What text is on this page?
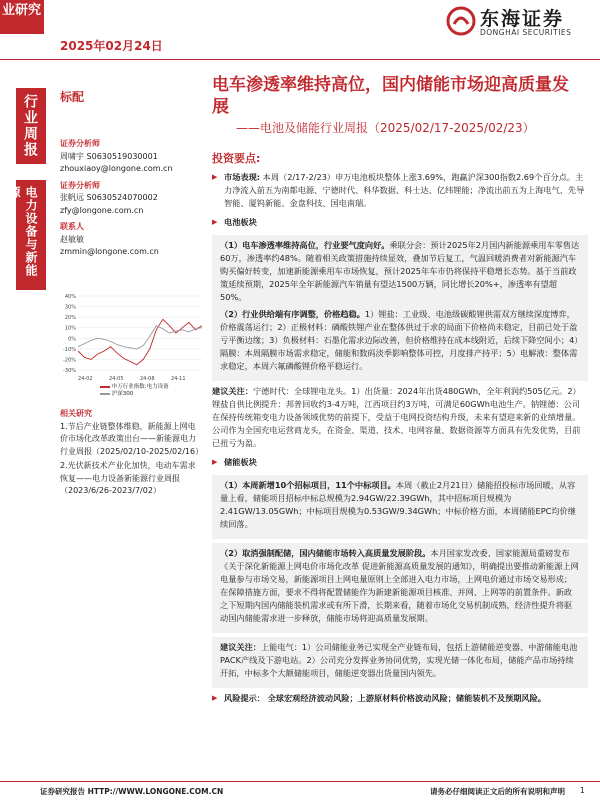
业研究
2025年02月24日
东海证券
DONGHAI SECURITIES
行业周报
电力设备与新能源
标配
电车渗透率维持高位，国内储能市场迎高质量发展
——电池及储能行业周报（2025/02/17-2025/02/23）
证券分析师
周啸宇 S0630519030001
zhouxiaoy@longone.com.cn
证券分析师
张帆远 S0630524070002
zfy@longone.com.cn
联系人
赵敏敏
zmmin@longone.com.cn
40%
30%
20%
10%
0%
-10%
-20%
-30%
24-02	24-05	24-08	24-11
申万行业指数:电力设备
沪深300
相关研究
1.节后产业链整体维稳，新能源上网电价市场化改革政策出台——新能源电力行业周报（2025/02/10-2025/02/16）
2.光伏新技术产业化加快，电动车需求恢复——电力设备新能源行业周报（2023/6/26-2023/7/02）
投资要点:
▶ 市场表现: 本周（2/17-2/23）申万电池板块整体上涨3.69%，跑赢沪深300指数2.69个百分点。主力净流入前五为南都电源、宁德时代、科华数据、科士达、亿纬锂能；净流出前五为上海电气、先导智能、厦钨新能、金盘科技、国电南瑞。
▶ 电池板块
（1）电车渗透率维持高位，行业要气度向好。乘联分会：预计2025年2月国内新能源乘用车零售达60万，渗透率约48%。随着相关政策措施持续显效，叠加节后复工，气温回暖消费者对新能源汽车购买偏好转变，加速新能源乘用车市场恢复，预计2025年车市仍将保持平稳增长态势。基于当前政策延续预期，2025年全年新能源汽车销量有望达1500万辆，同比增长20%+，渗透率有望超50%。
（2）行业供给端有序调整，价格趋稳。1）锂盐：工业级、电池级碳酸锂供需双方继续深度博弈，价格震荡运行；2）正极材料：磷酸铁锂产业在整体供过于求的局面下价格尚未稳定，目前已处于盈亏平衡边缘；3）负极材料：石墨化需求边际改善，但价格维持在成本线附近，后续下降空间小；4）隔膜：本周隔膜市场需求稳定，储能和数码淡季影响整体可控，月度排产持平；5）电解液：整体需求稳定，本周六氟磷酸锂价格平稳运行。
建议关注：宁德时代：全球锂电龙头。1）出货量：2024年出货480GWh，全年利润约505亿元。2）锂盐自供比例提升：邦普回收约3-4万吨，江西项目约3万吨，可满足60GWh电池生产。钠锂德：公司在保持传统箱变电力设备领域优势的前提下，受益于电网投资结构升级，未来有望迎来新的业绩增量。公司作为全国充电运营商龙头，在资金、渠道、技术、电网容量、数据资源等方面具有先发优势，目前已扭亏为盈。
▶ 储能板块
（1）本周新增10个招标项目，11个中标项目。本周（截止2月21日）储能招投标市场回暖，从容量上看，储能项目招标中标总规模为2.94GW/22.39GWh，其中招标项目规模为2.41GW/13.05GWh；中标项目规模为0.53GW/9.34GWh；中标价格方面，本周储能EPC均价继续回落。
（2）取消强制配储，国内储能市场转入高质量发展阶段。本月国家发改委、国家能源局重磅发布《关于深化新能源上网电价市场化改革 促进新能源高质量发展的通知》，明确提出要推动新能源上网电量参与市场交易，新能源项目上网电量原则上全部进入电力市场，上网电价通过市场交易形成；在保障措施方面，要求不得将配置储能作为新建新能源项目核准、并网、上网等的前置条件。新政之下短期内国内储能装机需求或有所下滑，长期来看，随着市场化交易机制成熟，经济性提升将驱动国内储能需求进一步释放，储能市场将迎高质量发展期。
建议关注：上能电气：1）公司储能业务已实现全产业链布局，包括上游储能逆变器、中游储能电池PACK产线及下游电站。2）公司充分发挥业务协同优势，实现光储一体化布局，储能产品市场持续开拓，中标多个大额储能项目，储能逆变器出货量国内领先。
▶ 风险提示： 全球宏观经济波动风险；上游原材料价格波动风险；储能装机不及预期风险。
证券研究报告 HTTP://WWW.LONGONE.COM.CN	请务必仔细阅读正文后的所有说明和声明 1
